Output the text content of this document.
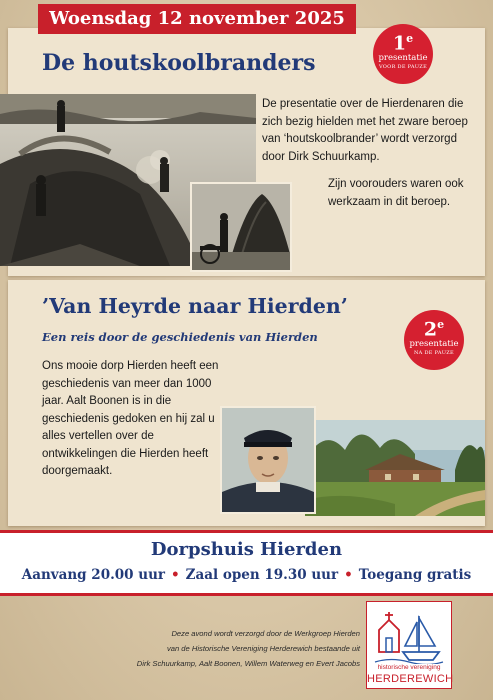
Woensdag 12 november 2025
De houtskoolbranders
1e
presentatie
VOOR DE PAUZE

De presentatie over de Hierdenaren die zich bezig hielden met het zware beroep van ‘houtskoolbrander’ wordt verzorgd door Dirk Schuurkamp.

Zijn voorouders waren ook werkzaam in dit beroep.

’Van Heyrde naar Hierden’

Een reis door de geschiedenis van Hierden	2e
presentatie
NA DE PAUZE

Ons mooie dorp Hierden heeft een geschiedenis van meer dan 1000 jaar. Aalt Boonen is in die geschiedenis gedoken en hij zal u alles vertellen over de ontwikkelingen die Hierden heeft doorgemaakt.

Dorpshuis Hierden

Aanvang 20.00 uur • Zaal open 19.30 uur • Toegang gratis

Deze avond wordt verzorgd door de Werkgroep Hierden
van de Historische Vereniging Herderewich bestaande uit
Dirk Schuurkamp, Aalt Boonen, Willem Waterweg en Evert Jacobs	historische vereniging
HERDEREWICH
